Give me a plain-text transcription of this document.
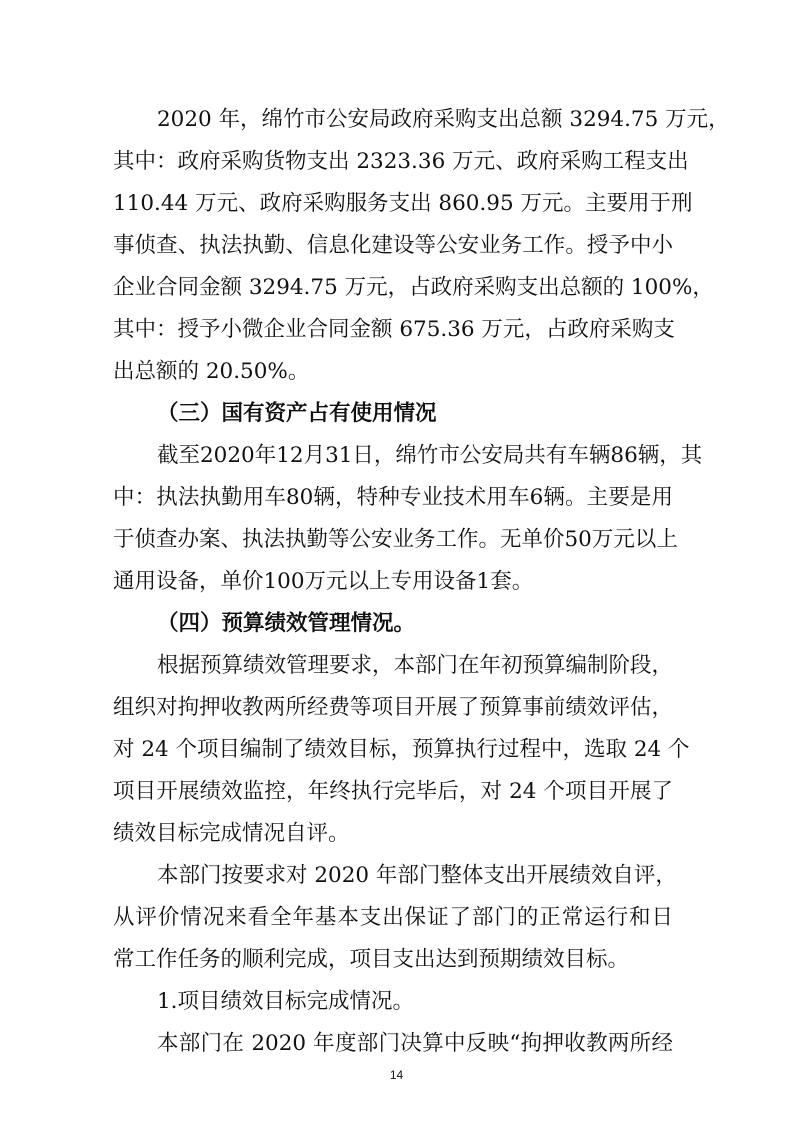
2020 年，绵竹市公安局政府采购支出总额 3294.75 万元，
其中：政府采购货物支出 2323.36 万元、政府采购工程支出
110.44 万元、政府采购服务支出 860.95 万元。主要用于刑
事侦查、执法执勤、信息化建设等公安业务工作。授予中小
企业合同金额 3294.75 万元，占政府采购支出总额的 100%，
其中：授予小微企业合同金额 675.36 万元，占政府采购支
出总额的 20.50%。
（三）国有资产占有使用情况
截至2020年12月31日，绵竹市公安局共有车辆86辆，其
中：执法执勤用车80辆，特种专业技术用车6辆。主要是用
于侦查办案、执法执勤等公安业务工作。无单价50万元以上
通用设备，单价100万元以上专用设备1套。
（四）预算绩效管理情况。
根据预算绩效管理要求，本部门在年初预算编制阶段，
组织对拘押收教两所经费等项目开展了预算事前绩效评估，
对 24 个项目编制了绩效目标，预算执行过程中，选取 24 个
项目开展绩效监控，年终执行完毕后，对 24 个项目开展了
绩效目标完成情况自评。
本部门按要求对 2020 年部门整体支出开展绩效自评，
从评价情况来看全年基本支出保证了部门的正常运行和日
常工作任务的顺利完成，项目支出达到预期绩效目标。
1.项目绩效目标完成情况。
本部门在 2020 年度部门决算中反映“拘押收教两所经
14
